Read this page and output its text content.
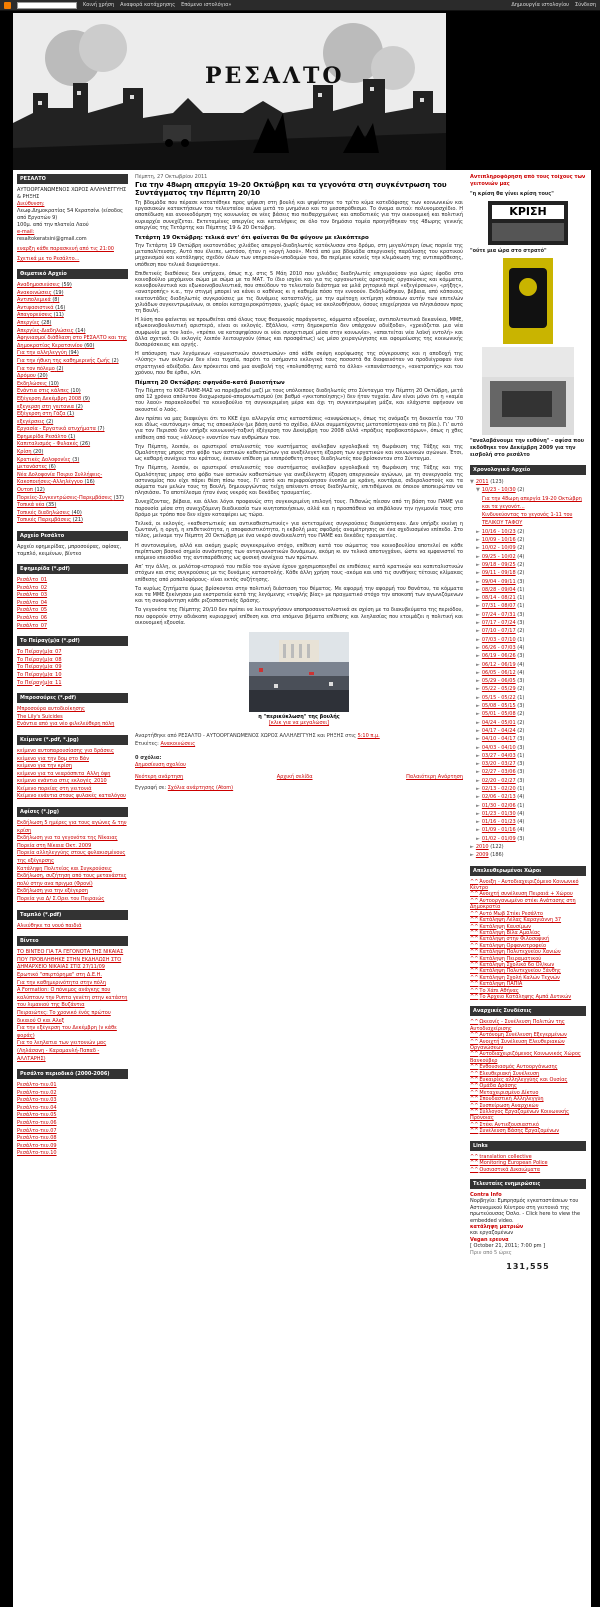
Κοινή χρήση Αναφορά κατάχρησης Επόμενο ιστολόγιο»	Δημιουργία ιστολογίου Σύνδεση
ΡΕΣΑΛΤΟ
ΡΕΣΑΛΤΟ
ΑΥΤΟΟΡΓΑΝΩΜΕΝΟΣ ΧΩΡΟΣ ΑΛΛΗΛΕΓΓΥΗΣ & ΡΗΞΗΣ
Διεύθυνση:
Λεωφ.Δημοκρατίας 54 Κερατσίνι (είσοδος από Εργατών 9)
100μ. από την πλατεία Λαού
e-mail:
resaltokeratsini@gmail.com
εναρξη κάθε παρασκευή από τις 21:00
Σχετικά με το Ρεσάλτο...
Θεματικό Αρχείο
Αναδημοσιεύσεις (59)
Ανακοινώσεις (19)
Αντιπολεμικά (8)
Αντιφασιστικά (16)
Απαγορεύσεις (11)
Απεργίες (28)
Απεργίες-Διαδηλώσεις (14)
Αφηνιασμοί διάθλαση στο ΡΕΣΑΛΤΟ και της Δημοκρατίας Κερατσινίου (60)
Για την αλληλεγγύη (94)
Για την ήθικη της καθημερινής ζωής (2)
Για τον πόλεμο (2)
Δρόμου (20)
Εκδηλώσεις (10)
Ενάντια στις κάλπες (10)
Εξέγερση Δεκέμβρη 2008 (9)
εξεγερση στη γειτονια (2)
Εξέγερση στη Γάζα (1)
εξεγέρσεις (2)
Εργασία - Εργατικά ατυχήματα (7)
Εφημερίδα Ρεσάλτο (1)
Καπιταλισμός - Φυλακές (26)
Κρίση (20)
Κρατικές Δολοφονίες (3)
μετανάστες (6)
Νέα Δολοφονία Ποιριο Συλλήψεις-Κακοποιήσεις-Αλληλέγγυο (16)
Ουτοπ (12)
Πορείες-Συγκεντρώσεις-Παρεμβάσεις (37)
Τοπικά νέα (35)
Τοπικές διαδηλώσεις (40)
Τοπικές Παρεμβάσεις (21)
Αρχείο Ρεσάλτο
Αρχείο εφημερίδας, μπροσούρας, αφίσας, ταμπλό, κειμένων, βίντεο
Εφημερίδα (*.pdf)
Ρεσάλτο_01
Ρεσάλτο_02
Ρεσάλτο_03
Ρεσάλτο_04
Ρεσάλτο_05
Ρεσάλτο_06
Ρεσάλτο_07
Το Πείραγ(μ)α (*.pdf)
Το Πείραγ(μ)α_07
Το Πείραγ(μ)α_08
Το Πείραγ(μ)α_09
Το Πείραγ(μ)α_10
Το Πείραγ(μ)α_11
Μπροσούρες (*.pdf)
Μπροσούρα αυτοδιοίκησης
The Lily's Suicides
Ενάντια από για νέο φιλελεύθερη πόλη
Κείμενα (*.pdf, *.jpg)
κείμενο αυτοπαρουσίασης για δράσεις
κείμενο για την δομ στο Βάν
κείμενο για την κρίση
κείμενο για τα νεαρόσπιτα_Αλλη όψη
κείμενο ενάντια στις εκλογές_2010
Κείμενο πορείας στη γειτονιά
Κείμενο ενάντια στους φυλακές καταλόγου
Αφίσες (*.jpg)
Εκδήλωση 5 ημέρες για τους αγώνες & την κρίση
Εκδήλωση για τα γεγονότα της Νίκαιας
Πορεία στη Νίκαια Οκτ. 2009
Πορεία αλληλεγγύης στους φυλακισμένους της εξέγερσης
Κατάληψη Πολιτείας και Συγκρούσεις
Εκδήλωση, συζήτηση από τους μετανάστες πολύ στην ανα πριγμα (Φρονί)
Εκδήλωση για την εξέγερση
Πορεία για Δ/ Σ.Ορει του Πειραιώς
Ταμπλό (*.pdf)
Αλιεύθηκε τα νουό παιδιά
Βίντεο
ΤΟ ΒΙΝΤΕΟ ΓΙΑ ΤΑ ΓΕΓΟΝΟΤΑ ΤΗΣ ΝΙΚΑΙΑΣ ΠΟΥ ΠΡΟΒΛΗΘΗΚΕ ΣΤΗΝ ΕΚΔΗΛΩΣΗ ΣΤΟ ΔΗΜΑΡΧΕΙΟ ΝΙΚΑΙΑΣ ΣΤΙΣ 27/11/09
Ερωτικό "σπιρτόρημα" στη Δ.Ε.Η.
Για την καθημερινότητα στην πόλη
A Formation: Ο πόνεμος ανάγκης που καλύπτουν την Ρυπτα γενέτη στην κατάστη του λιμανιού της Βυζάντια
Πειραιώτες: Το χρονικό ένός πρώτου δικαιού Ο και Αλεξ
Για την εξέγερση του Δεκέμβρη (ν κάθε φοράς)
Για το λεηλατια των γειτονιών μας (Ληλάσανη - Καραμανλή-Παπαδ - ΑΛΛΤΑΡΗΣ)
Ρεσάλτο περιοδικό (2000-2006)
Ρεσάλτο-τευ.01
Ρεσάλτο-τευ.02
Ρεσάλτο-τευ.03
Ρεσάλτο-τευ.04
Ρεσάλτο-τευ.05
Ρεσάλτο-τευ.06
Ρεσάλτο-τευ.07
Ρεσάλτο-τευ.08
Ρεσάλτο-τευ.09
Ρεσάλτο-τευ.10
Πέμπτη, 27 Οκτωβρίου 2011
Για την 48ωρη απεργία 19-20 Οκτώβρη και τα γεγονότα στη συγκέντρωση του Συντάγματος την Πέμπτη 20/10

Τη βδομάδα που πέρασε κατατέθηκε προς ψήφιση στη βουλή και ψηφίστηκε το τρίτο κύμα κατεδάφισης των κοινωνικών και εργασιακών κατακτήσεων του τελευταίου αιώνα μετά το μνημόνιο και το μεσοπρόθεσμο. Το όνομα αυτού: πολυνομοσχέδιο. Η αποπέδωση και ανοικοδόμηση της κοινωνίας σε νέες βάσεις πιο πειθαρχημένες και αποδοτικές για την οικονομική και πολιτική κυριαρχία συνεχίζεται. Εκτεταμένες απεργίες και καταλήψεις σε όλο τον δημόσιο τομέα προηγήθηκαν της 48ωρης γενικής απεργίας της Τετάρτης και Πέμπτης 19 & 20 Οκτώβρη.

Τετάρτη 19 Οκτώβρη: τελικά αντ' ότι φαίνεται θα θα φύγουν με ελικόπτερο

Την Τετάρτη 19 Οκτώβρη εκατοντάδες χιλιάδες απεργοί-διαδηλωτές κατέκλυσαν στο δρόμο, στη μεγαλύτερη ίσως πορεία της μεταπολίτευσης. Αυτό που έλειπε, ωστόσο, ήταν η «οργή λαού». Μετά από μια βδομάδα απεργιακής παράλυσης του κρατικού μηχανισμού και κατάληψης σχεδόν όλων των υπηρεσιών-υποδομών του, θα περίμενε κανείς την κλιμάκωση της αντιπαράθεσης, υπόθεση που τελικά διαψεύστηκε.

Επιθετικές διαθέσεις δεν υπήρχαν, όπως π.χ. στις 5 Μάη 2010 που χιλιάδες διαδηλωτές επιχειρούσαν για ώρες έφοδο στο κοινοβούλιο μαχόμενοι σώμα με σώμα με τα ΜΑΤ. Το ίδιο ισχύει και για τις οργανωτικές αριστερές οργανώσεις και κόμματα, κοινοβουλευτικά και εξωκοινοβουλευτικά, που σπεύδουν το τελευταίο διάστημα να μιλά ρητορικά περί «εξεγέρσεων», «ρήξης», «ανατροπής» κ.α., την στιγμή μπορεί να κάνει ο καθένας κι η καθεμία πόσο την εννοούν. Εκδηλώθηκαν, βέβαια, από κάποιους εκατοντάδες διαδηλωτές συγκρούσεις με τις δυνάμεις καταστολής, με την αμέτοχη εκτίμηση κάποιων αυτήν των επιτελών χιλιάδων συγκεντρωμένων, οι οποίοι καταχειροκρότησαν, χωρίς όμως να ακολουθήσουν, όσους επιχείρησαν να πλησιάσουν προς τη Βουλή.

Η λύση που φαίνεται να προωθείται από όλους τους θεσμικούς παράγοντες, κόμματα εξουσίας, αντιπολιτευτικά δεκανίκια, ΜΜΕ, εξωκοινοβουλευτική αριστερά, είναι οι εκλογές. Εξάλλου, «στη δημοκρατία δεν υπάρχουν αδιέξοδα», «χρειάζεται μια νέα συμφωνία με τον λαό», «πρέπει να καταψηφίσουν οι νέοι συσχετισμοί μέσα στην κοινωνία», «απαιτείται νέα λαϊκή εντολή» και άλλα σχετικά. Οι εκλογές λοιπόν λειτουργούν (όπως και προσφάτως) ως μέσο χειραγώγησης και αφομοίωσης της κοινωνικής δυσαρέσκειας και οργής.

Η απόσυρση των λεγόμενων «αγωνιστικών συνιστωσών» από κάθε σκέψη κορύφωσης της σύγκρουσης και η αποδοχή της «λύσης» των εκλογών δεν είναι τυχαία, παρότι τα ασήμαντα εκλογικά τους ποσοστά θα διαφαινόταν να προδιέγραφαν ένα στρατηγικό αδιέξοδο. Δεν πρόκειται από μια αναβολή της «πολυπόθητης κατά το άλλα» «επανάστασης», «ανατροπής» και του χρόνου, που θα έρθει, κλπ.

Πέμπτη 20 Οκτώβρη: σφηνάδα-κατά βιαιοτήτων

Την Πέμπτη το ΚΚΕ-ΠΑΜΕ-ΜΑΣ να παρεβρεθεί μαζί με τους υπόλοιπους διαδηλωτές στο Σύνταγμα την Πέμπτη 20 Οκτώβρη, μετά από 12 χρόνια απόλυτου διαχωρισμού-απομονωτισμού (σε βαθμό «γκετοποίησης») δεν ήταν τυχαία. Δεν είναι μόνο ότι η «καμία του λαού» παρακολουθεί τα κοινοβούλιο τη συγκεκριμένη μέρα και όχι τη συγκεντρωμένη μάζα, και ελάχιστα αφήνουν να ακουστεί ο λαός.

Δεν πρέπει να μας διαφεύγει ότι το ΚΚΕ έχει αλλεργία στις καταστάσεις «ανυψώσεως», όπως τις ονόμαζε τη δεκαετία του ’70 και ιδίως «αυτόνομη» όπως τις αποκαλούν (με βάση αυτό το σχέδιο, άλλοι συμμετέχοντες μετατοπίστηκαν από τη βία.). Γι’ αυτό για τον Περισσό δεν υπήρξε κοινωνική-ταξική έξέγερση τον Δεκέμβρη του 2008 αλλά «πράξεις προβοκατόρων», όπως η χθες επίθεση από τους «άλλους» εναντίον των ανθρώπων του.

Την Πέμπτη, λοιπόν, οι αριστεροί σταλινιστές του κυστήματος ανέλαβαν εργολαβικά τη θωράκιση της Τάξης και της Ομαλότητας μπρος στο φόβο των αστικών καθεστώτων για ανεξέλεγκτη έξαρση των εργατικών και κοινωνικών αγώνων. Έτσι, ως καθαρή συνέχεια του κράτους, έκαναν επίθεση με επιπρόσθετη στους διαδηλωτές που βρίσκονταν στο Σύνταγμα.

Την Πέμπτη, λοιπόν, οι αριστεροί σταλινιστές του συστήματος ανέλαβαν εργολαβικά τη θωράκιση της Τάξης και της Ομαλότητας μπρος στο φόβο των αστικών καθεστώτων για ανεξέλεγκτη έξαρση απεργιακών αγώνων, με τη συνεργασία της αστυνομίας που είχε πάρει θέση πίσω τους. Γι’ αυτό και περιφρούρησαν ένοπλα με κράνη, κοντάρια, σιδερολοστούς και τα σώματα των μελών τους τη Βουλή, δημιουργώντας τείχη απέναντι στους διαδηλωτές, επιτιθέμενοι σε όποιον αποπειρώταν να πλησιάσει. Το αποτέλεσμα ήταν ένας νεκρός και δεκάδες τραυματίες.

Συνεχίζοντας, βέβαια, και άλλοι λόγοι προφανώς στη συγκεκριμένη επιλογή τους. Πιθανώς πίεσαν από τη βάση του ΠΑΜΕ για παρουσία μέσα στη συνεχιζόμενη διαδικασία των κινητοποιήσεων, αλλά και η προσπάθεια να επιβάλουν την ηγεμονία τους στο δρόμο με τρόπο που δεν είχαν καταφέρει ως τώρα.

Τελικά, οι εκλογές, «καθεστωτικές και αντικαθεστωτικές» για εκτεταμένες συγκρούσεις διαψεύστηκαν. Δεν υπήρξε εκείνη η ζωντανή, η οργή, η επιθετικότητα, η αποφασιστικότητα, η εκβολή μιας σφοδρής αναμέτρησης σε ένα σχεδιασμένο επίπεδο. Στο τέλος, μείναμε την Πέμπτη 20 Οκτώβρη με ένα νεκρό συνδικαλιστή του ΠΑΜΕ και δεκάδες τραυματίες.

Η συντονισμένη, αλλά και ακόμη χωρίς συγκεκριμένο στόχο, επίθεση κατά του σώματος του κοινοβουλίου αποτελεί σε κάθε περίπτωση βασικό σημείο συνάντησης των ανταγωνιστικών δυνάμεων, ακόμη κι αν τελικά αποτυγχάνει, ώστε να εμφανιστεί το επόμενο επεισόδιο της αντιπαράθεσης ως φυσική συνέχεια των πρώτων.

Απ’ την άλλη, οι μολότοφ-ιστορικό του πεδίο του αγώνα έχουν χρησιμοποιηθεί σε επιθέσεις κατά κρατικών και καπιταλιστικών στόχων και στις συγκρούσεις με τις δυνάμεις καταστολής. Κάθε άλλη χρήση τους -ακόμα και υπό τις συνθήκες τέτοιας κλίμακας επίθεσης από ροπαλοφόρους- είναι εκτός συζήτησης.

Τα κυρίως ζητήματα όμως βρίσκονται στην πολιτική διάσταση του θέματος. Με αφορμή την αφορμή του θανάτου, τα κόμματα και τα ΜΜΕ ξεκίνησαν μια εκστρατεία κατά της λεγόμενης «τυφλής βίας» με πραγματικό στόχο την αποκοπή των αγωνιζόμενων και τη συκοφάντηση κάθε ριζοσπαστικής δράσης.

Τα γεγονότα της Πέμπτης 20/10 δεν πρέπει να λειτουργήσουν αποπροσανατολιστικά σε σχέση με τα διακυβεύματα της περιόδου, που αφορούν στην αδιάκοπη κυριαρχική επίθεση και στα επόμενα βήματα επίθεσης και λεηλασίας που ετοιμάζει η πολιτική και οικονομική εξουσία.

η "περικύκλωση" της βουλής
[κλικ για να μεγαλώσει]
Αναρτήθηκε από ΡΕΣΑΛΤΟ - ΑΥΤΟΟΡΓΑΝΩΜΕΝΟΣ ΧΩΡΟΣ ΑΛΛΗΛΕΓΓΥΗΣ και ΡΗΞΗΣ στις 5:10 π.μ.
Ετικέτες: Ανακοινώσεις
0 σχόλια:
Δημοσίευση σχολίου
Νεότερη ανάρτηση	Αρχική σελίδα	Παλαιότερη Ανάρτηση
Εγγραφή σε: Σχόλια ανάρτησης (Atom)
Αντιπληροφόρηση από τους τοίχους των γειτονιών μας
"η κρίση θα γίνει κρίση τους"
ΚΡΙΣΗ
"ούτε μια ώρα στο στρατό"
"αναλαβάνουμε την ευθύνη" - αφίσα που εκδόθηκε τον Δεκέμβρη 2009 για την εισβολή στο ρεσάλτο
Χρονολογικό Αρχείο
▼ 2011 (123)
▼ 10/23 - 10/30 (2)
Για την 48ωρη απεργία 19-20 Οκτώβρη και τα γεγονότ...
Κινδυνεύοντας το γεγονός 1-11 του ΤΕΛΙΚΟΥ ΤΑΦΟΥ
► 10/16 - 10/23 (2)
► 10/09 - 10/16 (2)
► 10/02 - 10/09 (2)
► 09/25 - 10/02 (4)
► 09/18 - 09/25 (2)
► 09/11 - 09/18 (2)
► 09/04 - 09/11 (3)
► 08/28 - 09/04 (1)
► 08/14 - 08/21 (1)
► 07/31 - 08/07 (1)
► 07/24 - 07/31 (3)
► 07/17 - 07/24 (3)
► 07/10 - 07/17 (2)
► 07/03 - 07/10 (1)
► 06/26 - 07/03 (4)
► 06/19 - 06/26 (3)
► 06/12 - 06/19 (4)
► 06/05 - 06/12 (4)
► 05/29 - 06/05 (3)
► 05/22 - 05/29 (2)
► 05/15 - 05/22 (1)
► 05/08 - 05/15 (3)
► 05/01 - 05/08 (2)
► 04/24 - 05/01 (2)
► 04/17 - 04/24 (2)
► 04/10 - 04/17 (3)
► 04/03 - 04/10 (3)
► 03/27 - 04/03 (1)
► 03/20 - 03/27 (3)
► 02/27 - 03/06 (3)
► 02/20 - 02/27 (3)
► 02/13 - 02/20 (1)
► 02/06 - 02/13 (4)
► 01/30 - 02/06 (1)
► 01/23 - 01/30 (4)
► 01/16 - 01/23 (4)
► 01/09 - 01/16 (4)
► 01/02 - 01/09 (3)
► 2010 (122)
► 2009 (186)
Απελευθερωμένοι Χώροι
^^Άνοιξη - Αυτοδιαχειριζόμενο Κοινωνικό Κέντρο
^^Ανοιχτή συνέλευση Πειραιά + Χώρου
^^Αυτοοργανωμένο στέκι Ανάτασης στη Δημοκρατία
^^Αυτό Μωβ Στέκι Ρεσάλτο
^^Κατάληψη Λέλας Καραγιάννη 37
^^Κατάληψη Καυσίμων
^^Κατάληψη Βίλα Αμαλίας
^^Κατάληψη στην Φιλοσοφική
^^Κατάληψη Ορφανοτροφείο
^^Κατάληψη Πολυτεχνείου Χανιών
^^Κατάληψη Πειραματικού
^^Κατάληψη Σχολικό 6ο Ολ/κων
^^Κατάληψη Πολυτεχνείου Ξάνθης
^^Κατάληψη Σχολή Καλών Τεχνών
^^Κατάληψη ΠΑΠΙΑ
^^Το Χάπι Αθήνας
^^Το Άρχειο Κατάληψης Αμπά Δυτικών
Αναρχικές Συνδέσεις
^^Ωκεανίς - Συνέλευση Πολιτών της Αυτοδιαχείρισης
^^Αυτόνομη Συνέλευση Εξεγερμένων
^^Ανοιχτή Συνέλευση Ελευθεριακών Οργανώσεων
^^Αυτοδιαχειριζόμενος Κοινωνικός Χώρος Βανκούβερ
^^Ενθουσιασμός Αυτοοργάνωσης
^^Ελευθεριακή Συνέλευση
^^Ευκαιρίες αλληλεγγύης και Ουσίας
^^Ομάδα Δράσης
^^Μεταχειρισμένο Δίκτυο
^^Σπουδαστική Αλληλεγγύη
^^Συσπείρωση Αναρχικών
^^Σύλλογος Εργαζομένων Κοινωνικής Πρόνοιας
^^Στέκι Αντιεξουσιαστικό
^^Συνέλευση Βάσης Εργαζομένων
Links
^^translation collective
^^Monitoring European Police
^^Ουσιαστικά Δικαιώματα
Τελευταίες ενημερώσεις
Contra Info
Νορβηγία: Εμπρησμός εγκαταστάσεων του Αστυνομικού Κέντρου στη γειτονιά της πρωτεύουσας Όσλο. - Click here to view the embedded video.
κατάληψη ματριών
και εργαζομένων
Vegan ερευνα
[ October 21, 2011; 7:00 pm ]
Πριν από 5 ώρες
131,555
